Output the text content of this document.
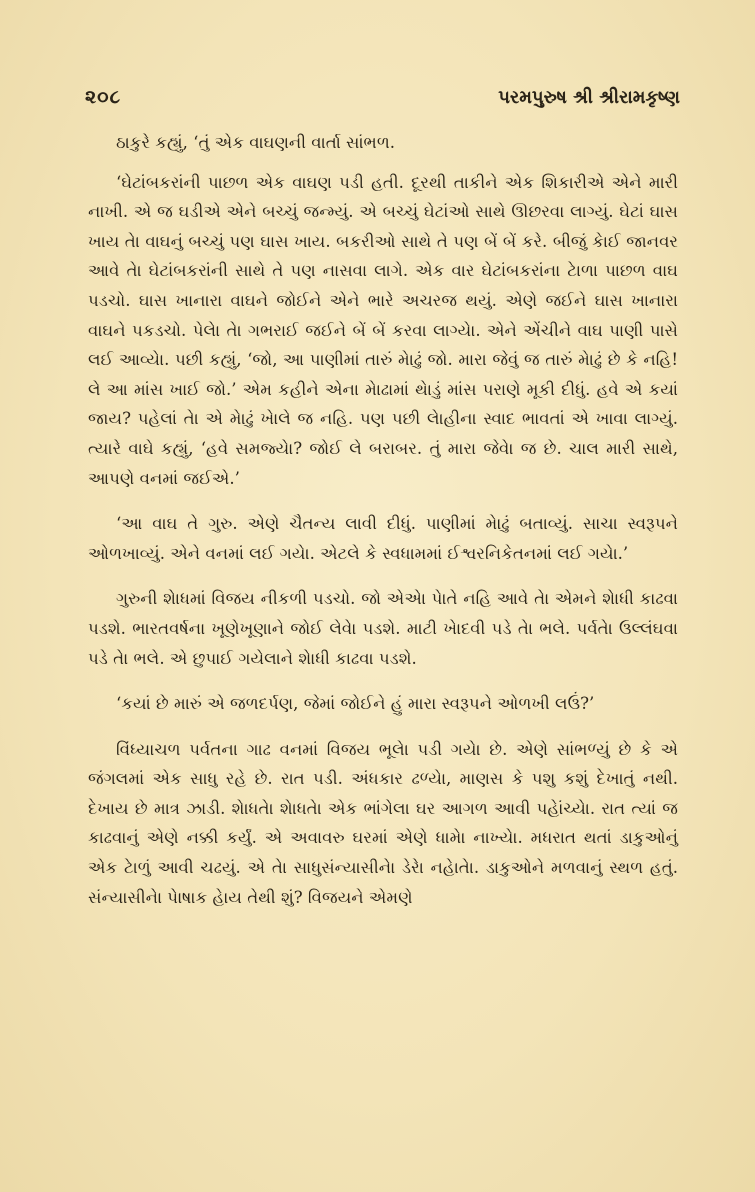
૨૦૮	પરમપુરુષ શ્રી શ્રીરામકૃષ્ણ

ઠાકુરે કહ્યું, ‘તું એક વાઘણની વાર્તા સાંભળ.

‘ઘેટાંબકરાંની પાછળ એક વાઘણ પડી હતી. દૂરથી તાકીને એક શિકારીએ એને મારી નાખી. એ જ ઘડીએ એને બચ્ચું જન્મ્યું. એ બચ્ચું ઘેટાંઓ સાથે ઊછરવા લાગ્યું. ઘેટાં ઘાસ ખાય તેા વાઘનું બચ્ચું પણ ઘાસ ખાય. બકરીઓ સાથે તે પણ બેં બેં કરે. બીજું કેાઈ જાનવર આવે તેા ઘેટાંબકરાંની સાથે તે પણ નાસવા લાગે. એક વાર ઘેટાંબકરાંના ટેાળા પાછળ વાઘ પડચો. ઘાસ ખાનારા વાઘને જોઈને એને ભારે અચરજ થયું. એણે જઈને ઘાસ ખાનારા વાઘને પકડચો. પેલેા તેા ગભરાઈ જઈને બેં બેં કરવા લાગ્યેા. એને એંચીને વાઘ પાણી પાસે લઈ આવ્યેા. પછી કહ્યું, ‘જો, આ પાણીમાં તારું મેાઢું જો. મારા જેવું જ તારું મેાઢું છે કે નહિ! લે આ માંસ ખાઈ જો.’ એમ કહીને એના મેાઢામાં થેાડું માંસ પરાણે મૂકી દીધું. હવે એ કયાં જાય? પહેલાં તેા એ મેાઢું ખેાલે જ નહિ. પણ પછી લેાહીના સ્વાદ ભાવતાં એ ખાવા લાગ્યું. ત્યારે વાઘે કહ્યું, ‘હવે સમજ્યેા? જોઈ લે બરાબર. તું મારા જેવેા જ છે. ચાલ મારી સાથે, આપણે વનમાં જઈએ.’

‘આ વાઘ તે ગુરુ. એણે ચૈતન્ય લાવી દીધું. પાણીમાં મેાઢું બતાવ્યું. સાચા સ્વરૂપને ઓળખાવ્યું. એને વનમાં લઈ ગયેા. એટલે કે સ્વધામમાં ઈશ્વરનિકેતનમાં લઈ ગયેા.’

ગુરુની શેાધમાં વિજય નીકળી પડચો. જો એએા પેાતે નહિ આવે તેા એમને શેાધી કાઢવા પડશે. ભારતવર્ષના ખૂણેખૂણાને જોઈ લેવેા પડશે. માટી ખેાદવી પડે તેા ભલે. પર્વતેા ઉલ્લંઘવા પડે તેા ભલે. એ છુપાઈ ગયેલાને શેાધી કાઢવા પડશે.

‘કયાં છે મારું એ જળદર્પણ, જેમાં જોઈને હું મારા સ્વરૂપને ઓળખી લઉં?’

વિંધ્યાચળ પર્વતના ગાઢ વનમાં વિજય ભૂલેા પડી ગયેા છે. એણે સાંભળ્યું છે કે એ જંગલમાં એક સાધુ રહે છે. રાત પડી. અંધકાર ઢળ્યેા, માણસ કે પશુ કશું દેખાતું નથી. દેખાય છે માત્ર ઝાડી. શેાધતેા શેાધતેા એક ભાંગેલા ઘર આગળ આવી પહેાંચ્યેા. રાત ત્યાં જ કાઢવાનું એણે નક્કી કર્યું. એ અવાવરુ ઘરમાં એણે ધામેા નાખ્યેા. મધરાત થતાં ડાકુઓનું એક ટેાળું આવી ચઢયું. એ તેા સાધુસંન્યાસીનેા ડેરેા નહેાતેા. ડાકુઓને મળવાનું સ્થળ હતું. સંન્યાસીનેા પેાષાક હેાય તેથી શું? વિજયને એમણે
